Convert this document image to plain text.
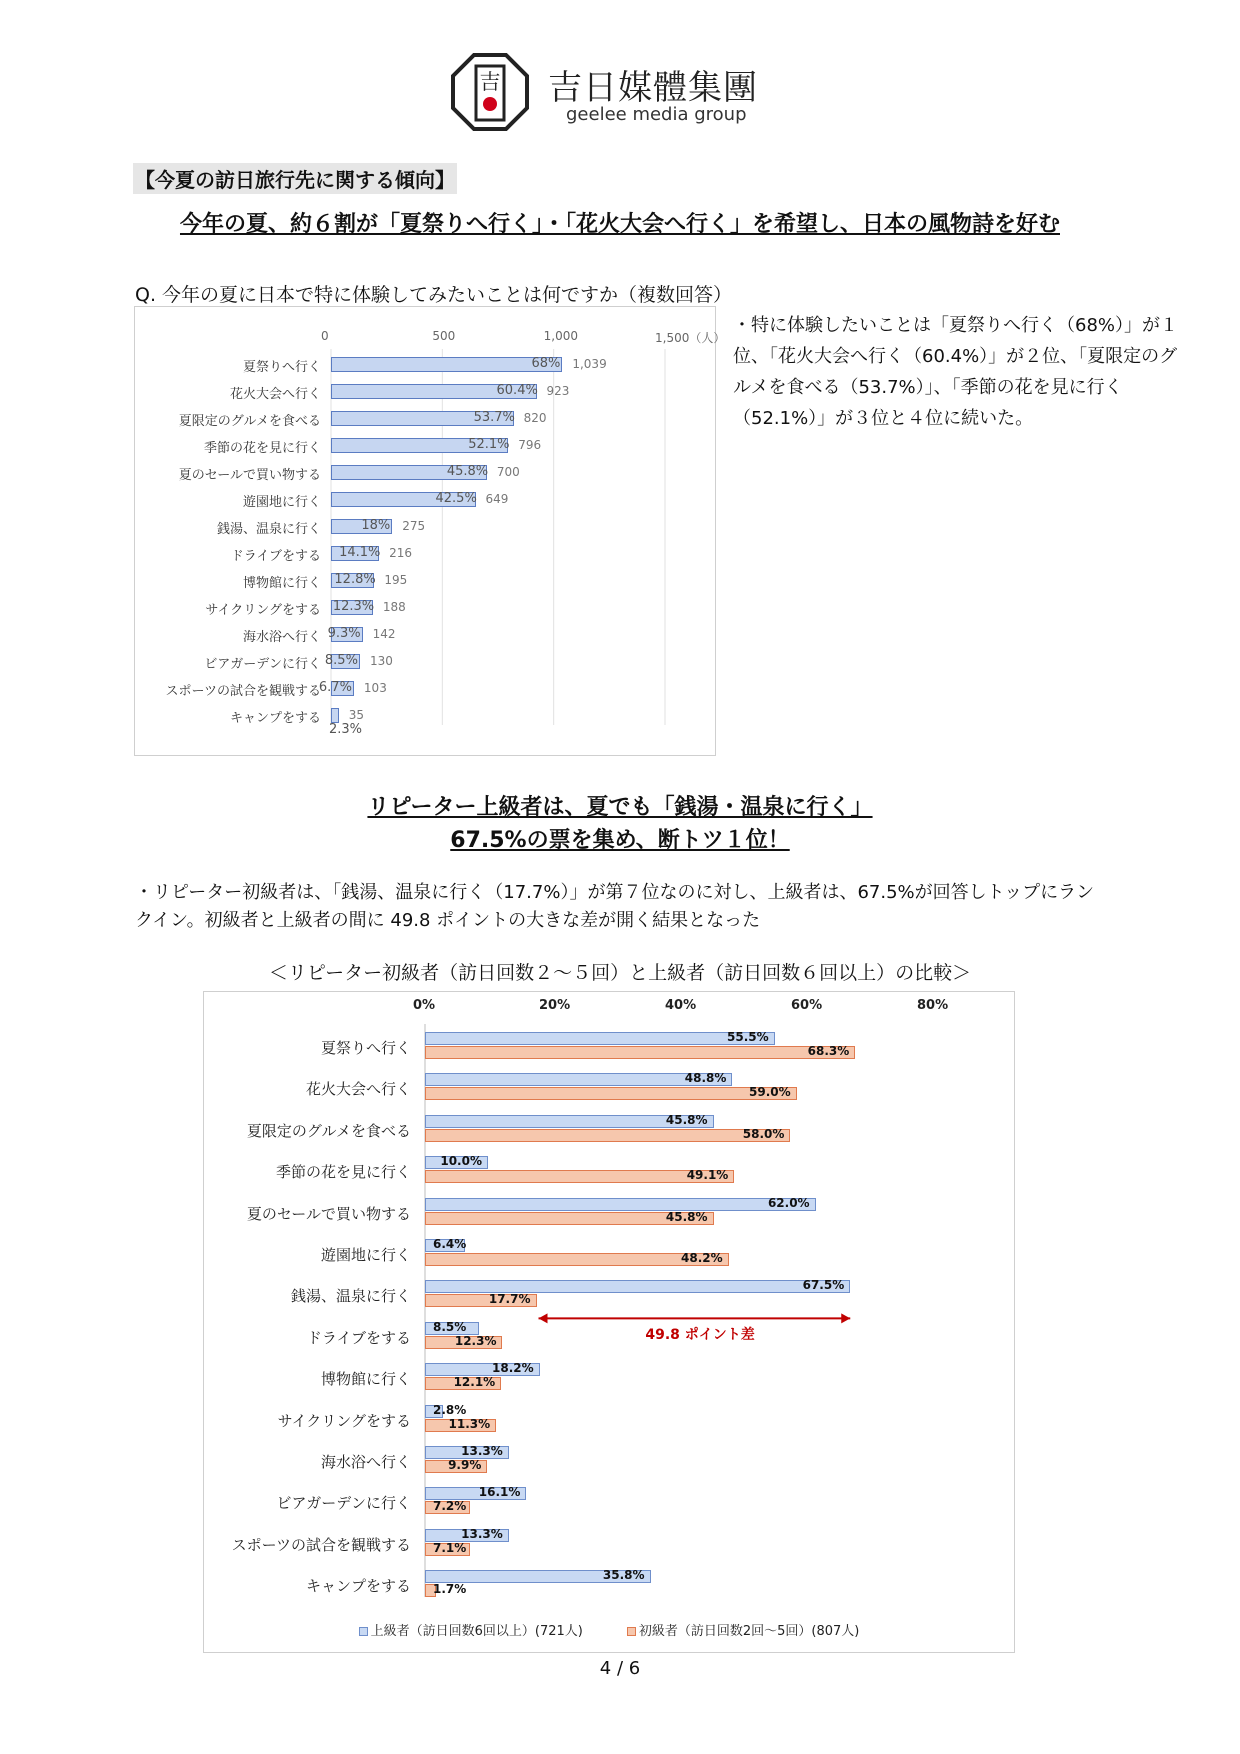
吉 吉日媒體集團
geelee media group
【今夏の訪日旅行先に関する傾向】
今年の夏、約６割が「夏祭りへ行く」・「花火大会へ行く」を希望し、日本の風物詩を好む
Q. 今年の夏に日本で特に体験してみたいことは何ですか（複数回答）
0	500	1,000	1,500（人）
夏祭りへ行く	68% 1,039
花火大会へ行く	60.4% 923
夏限定のグルメを食べる	53.7% 820
季節の花を見に行く	52.1% 796
夏のセールで買い物する	45.8% 700
遊園地に行く	42.5% 649
銭湯、温泉に行く	18% 275
ドライブをする 14.1% 216
博物館に行く 12.8% 195
サイクリングをする 12.3% 188
海水浴へ行く 9.3% 142
ビアガーデンに行く 8.5% 130
スポーツの試合を観戦する
6.7% 103
キャンプをする
2.3%
35
・特に体験したいことは「夏祭りへ行く（68%）」が１位、「花火大会へ行く（60.4%）」が２位、「夏限定のグルメを食べる（53.7%）」、「季節の花を見に行く（52.1%）」が３位と４位に続いた。
リピーター上級者は、夏でも「銭湯・温泉に行く」
67.5%の票を集め、断トツ１位！
・リピーター初級者は、「銭湯、温泉に行く（17.7%）」が第７位なのに対し、上級者は、67.5%が回答しトップにランクイン。初級者と上級者の間に 49.8 ポイントの大きな差が開く結果となった
＜リピーター初級者（訪日回数２〜５回）と上級者（訪日回数６回以上）の比較＞
0%	20%	40%	60%	80%
夏祭りへ行く
55.5%
68.3%
花火大会へ行く
48.8%
59.0%
夏限定のグルメを食べる
45.8%
58.0%
季節の花を見に行く
10.0%
49.1%
夏のセールで買い物する
62.0%
45.8%
遊園地に行く
6.4%
48.2%
銭湯、温泉に行く
67.5%
17.7%
ドライブをする
8.5%
12.3%
博物館に行く
18.2%
12.1%
サイクリングをする
2.8%
11.3%
海水浴へ行く
13.3%
9.9%
ビアガーデンに行く
16.1%
7.2%
スポーツの試合を観戦する
13.3%
7.1%
キャンプをする
35.8%
1.7%
49.8 ポイント差
上級者（訪日回数6回以上）(721人)	初級者（訪日回数2回〜5回）(807人)
4 / 6
